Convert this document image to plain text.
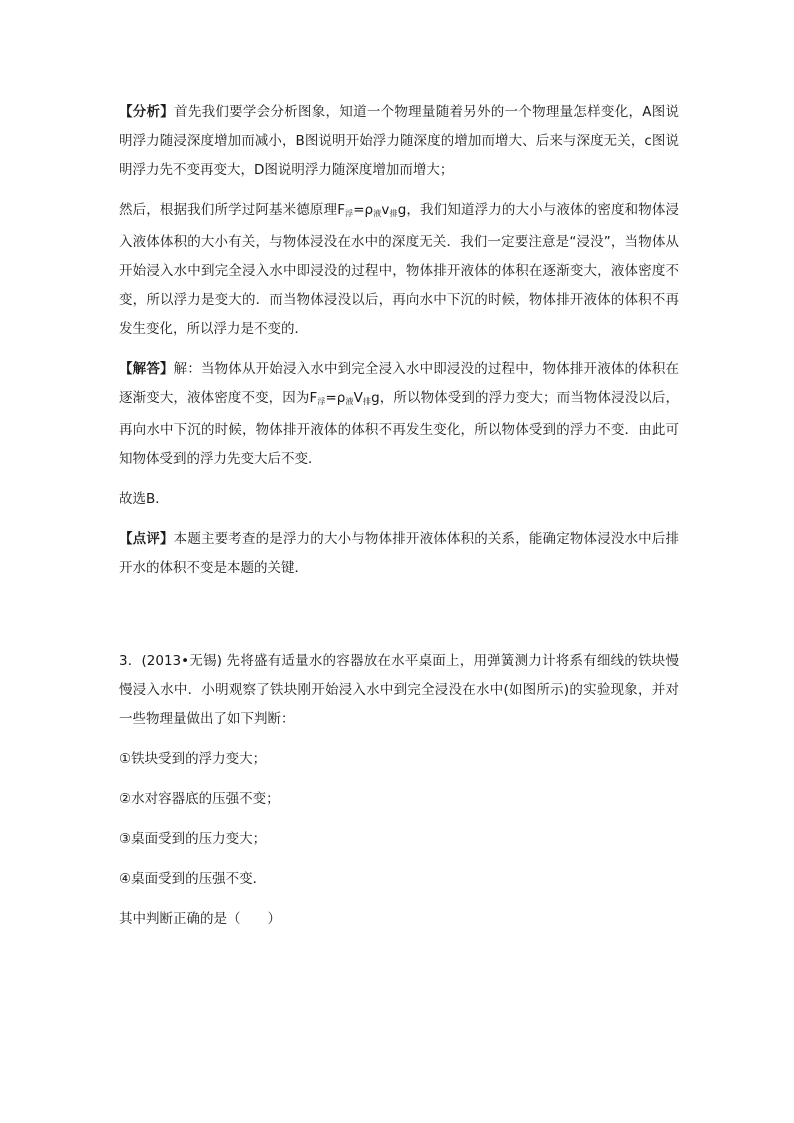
【分析】首先我们要学会分析图象，知道一个物理量随着另外的一个物理量怎样变化，A图说明浮力随浸深度增加而减小，B图说明开始浮力随深度的增加而增大、后来与深度无关，c图说明浮力先不变再变大，D图说明浮力随深度增加而增大；

然后，根据我们所学过阿基米德原理$F_浮=\rho_液v_排g$，我们知道浮力的大小与液体的密度和物体浸入液体体积的大小有关，与物体浸没在水中的深度无关．我们一定要注意是“浸没”，当物体从开始浸入水中到完全浸入水中即浸没的过程中，物体排开液体的体积在逐渐变大，液体密度不变，所以浮力是变大的．而当物体浸没以后，再向水中下沉的时候，物体排开液体的体积不再发生变化，所以浮力是不变的．

【解答】解：当物体从开始浸入水中到完全浸入水中即浸没的过程中，物体排开液体的体积在逐渐变大，液体密度不变，因为$F_浮=\rho_液V_排g$，所以物体受到的浮力变大；而当物体浸没以后，再向水中下沉的时候，物体排开液体的体积不再发生变化，所以物体受到的浮力不变．由此可知物体受到的浮力先变大后不变．

故选B．

【点评】本题主要考查的是浮力的大小与物体排开液体体积的关系，能确定物体浸没水中后排开水的体积不变是本题的关键．

3．(2013•无锡) 先将盛有适量水的容器放在水平桌面上，用弹簧测力计将系有细线的铁块慢慢浸入水中．小明观察了铁块刚开始浸入水中到完全浸没在水中(如图所示)的实验现象，并对一些物理量做出了如下判断：

①铁块受到的浮力变大；

②水对容器底的压强不变；

③桌面受到的压力变大；

④桌面受到的压强不变．

其中判断正确的是（　　）
